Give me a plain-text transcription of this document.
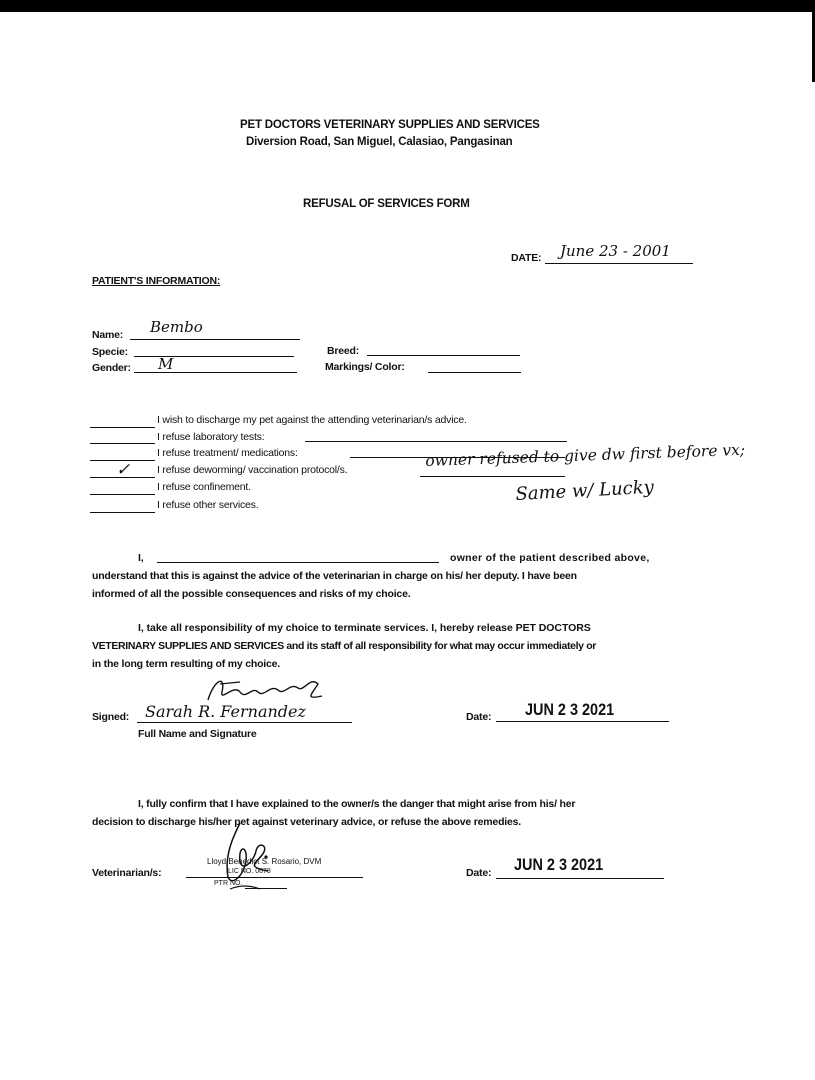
PET DOCTORS VETERINARY SUPPLIES AND SERVICES
Diversion Road, San Miguel, Calasiao, Pangasinan
REFUSAL OF SERVICES FORM
DATE: June 23 - 2001
PATIENT'S INFORMATION:
Name: Bembo
Specie:
Gender: M
Breed:
Markings/ Color:
I wish to discharge my pet against the attending veterinarian/s advice.
I refuse laboratory tests:
I refuse treatment/ medications:
✓	I refuse deworming/ vaccination protocol/s.
I refuse confinement.
I refuse other services.
owner refused to give dw first before vx;
Same w/ Lucky
I,	owner of the patient described above,
understand that this is against the advice of the veterinarian in charge on his/ her deputy. I have been
informed of all the possible consequences and risks of my choice.
I, take all responsibility of my choice to terminate services. I, hereby release PET DOCTORS
VETERINARY SUPPLIES AND SERVICES and its staff of all responsibility for what may occur immediately or
in the long term resulting of my choice.
Signed: Sarah R. Fernandez
Full Name and Signature
Date: JUN 2 3 2021
I, fully confirm that I have explained to the owner/s the danger that might arise from his/ her
decision to discharge his/her pet against veterinary advice, or refuse the above remedies.
Veterinarian/s:
Lloyd Benedict S. Rosario, DVM
LIC NO. 0678
PTR NO.
Date: JUN 2 3 2021
